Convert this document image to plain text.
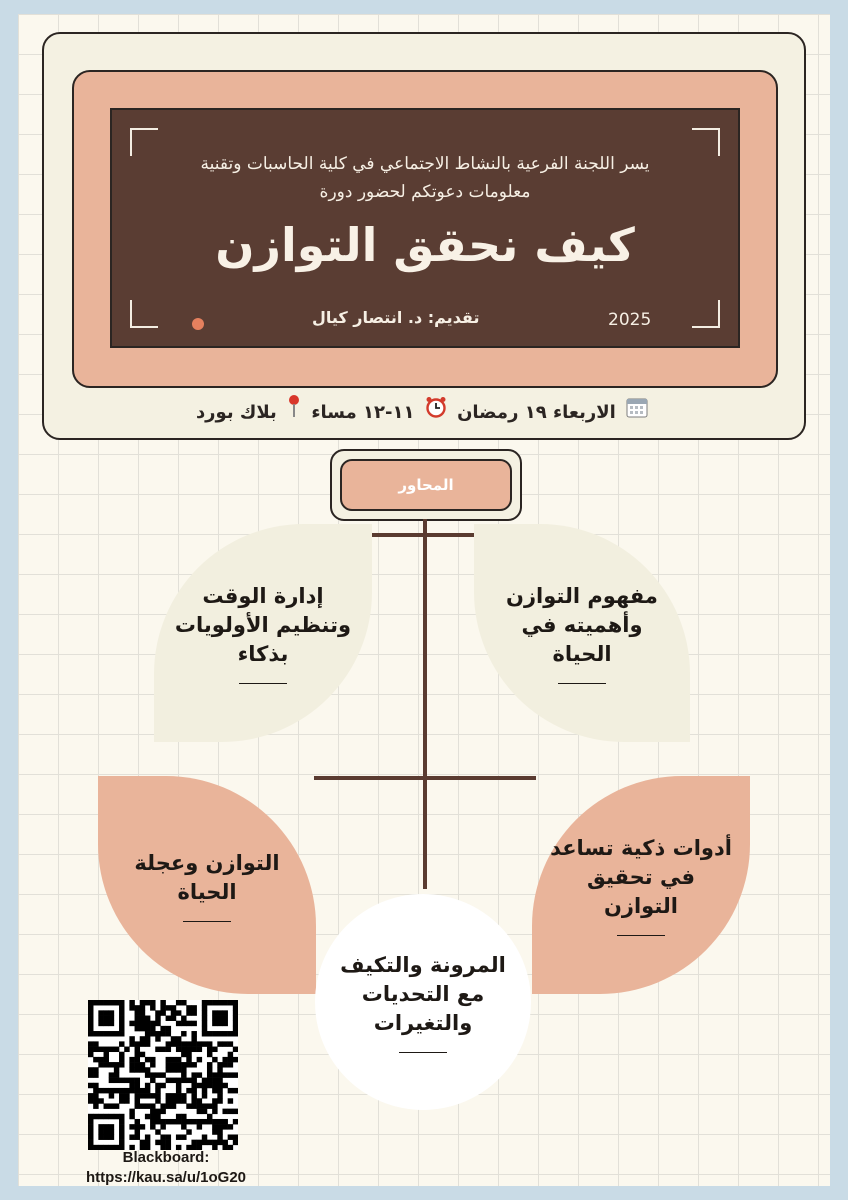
يسر اللجنة الفرعية بالنشاط الاجتماعي في كلية الحاسبات وتقنية
معلومات دعوتكم لحضور دورة
كيف نحقق التوازن
تقديم: د. انتصار كيال	2025
الاربعاء ١٩ رمضان  ١١-١٢ مساء  بلاك بورد
المحاور
مفهوم التوازن وأهميته في الحياة
إدارة الوقت وتنظيم الأولويات بذكاء
أدوات ذكية تساعد في تحقيق التوازن
التوازن وعجلة الحياة
المرونة والتكيف مع التحديات والتغيرات
Blackboard:
https://kau.sa/u/1oG20
